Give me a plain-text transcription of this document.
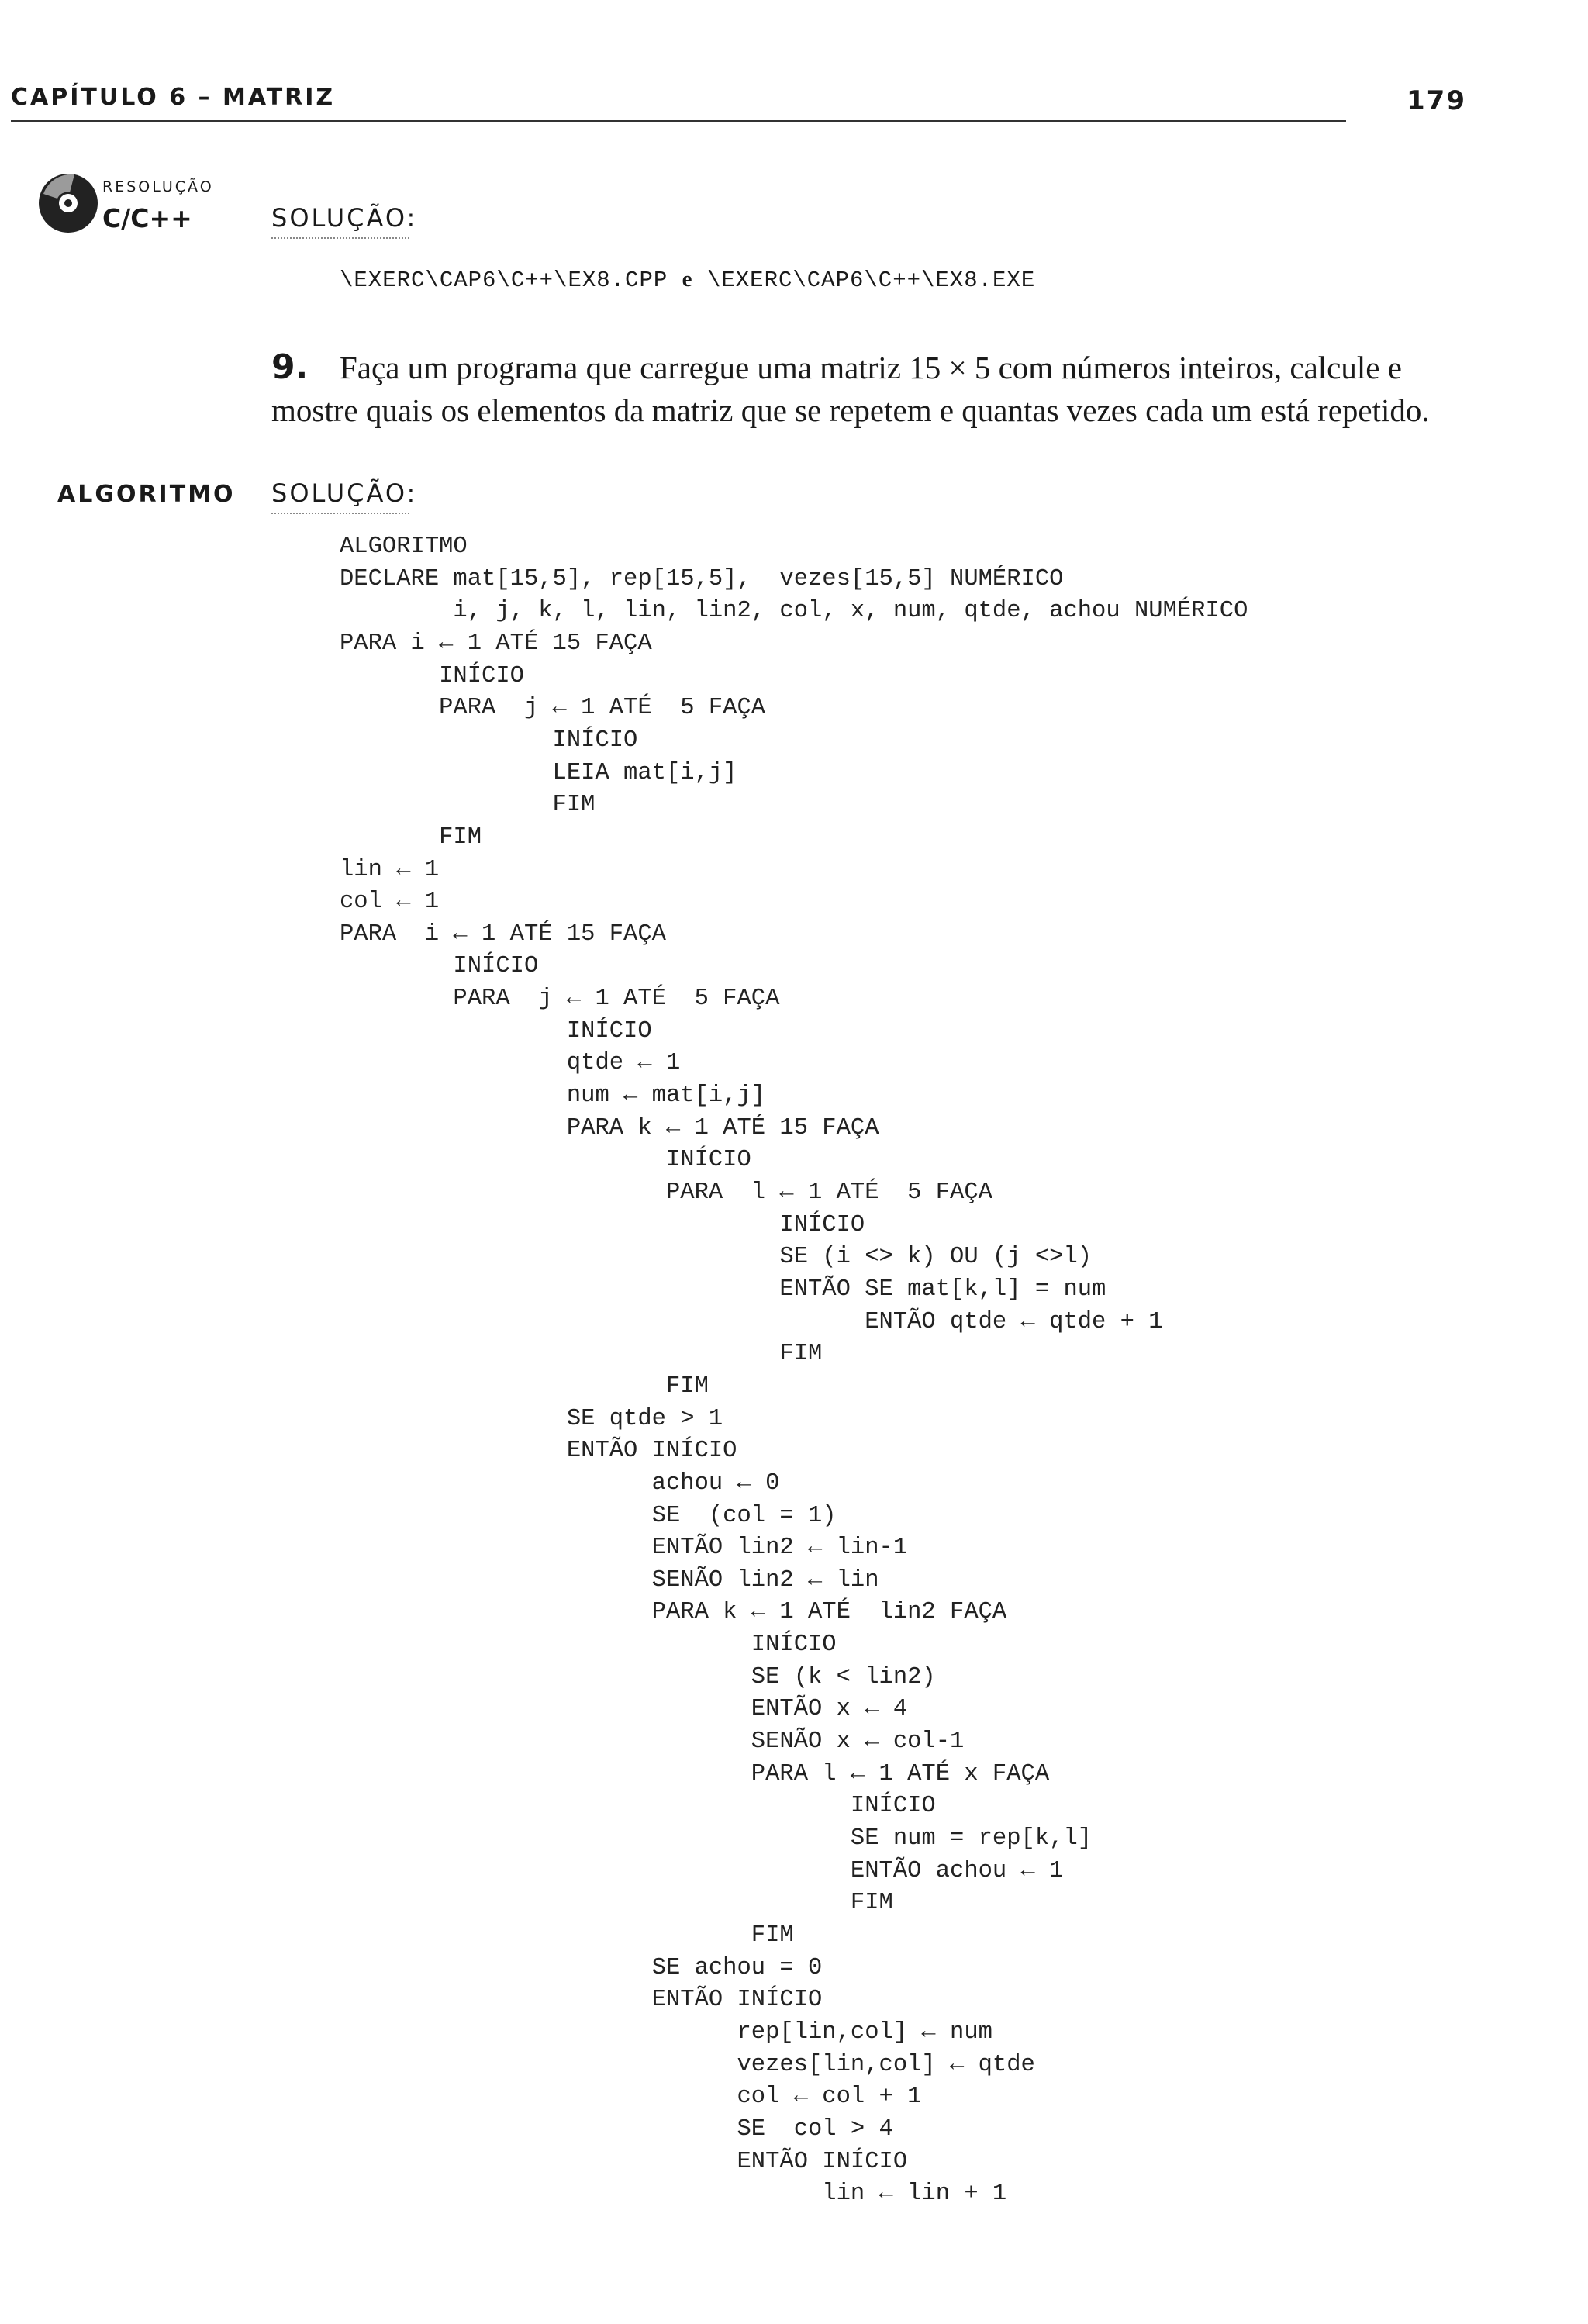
CAPÍTULO 6 – MATRIZ	179
RESOLUÇÃO
C/C++	SOLUÇÃO:
\EXERC\CAP6\C++\EX8.CPP e \EXERC\CAP6\C++\EX8.EXE
9. Faça um programa que carregue uma matriz 15 × 5 com números inteiros, calcule e
mostre quais os elementos da matriz que se repetem e quantas vezes cada um está repetido.
ALGORITMO SOLUÇÃO:
ALGORITMO
DECLARE mat[15,5], rep[15,5],  vezes[15,5] NUMÉRICO
i, j, k, l, lin, lin2, col, x, num, qtde, achou NUMÉRICO
PARA i ← 1 ATÉ 15 FAÇA
INÍCIO
PARA  j ← 1 ATÉ  5 FAÇA
INÍCIO
LEIA mat[i,j]
FIM
FIM
lin ← 1
col ← 1
PARA  i ← 1 ATÉ 15 FAÇA
INÍCIO
PARA  j ← 1 ATÉ  5 FAÇA
INÍCIO
qtde ← 1
num ← mat[i,j]
PARA k ← 1 ATÉ 15 FAÇA
INÍCIO
PARA  l ← 1 ATÉ  5 FAÇA
INÍCIO
SE (i <> k) OU (j <>l)
ENTÃO SE mat[k,l] = num
ENTÃO qtde ← qtde + 1
FIM
FIM
SE qtde > 1
ENTÃO INÍCIO
achou ← 0
SE  (col = 1)
ENTÃO lin2 ← lin-1
SENÃO lin2 ← lin
PARA k ← 1 ATÉ  lin2 FAÇA
INÍCIO
SE (k < lin2)
ENTÃO x ← 4
SENÃO x ← col-1
PARA l ← 1 ATÉ x FAÇA
INÍCIO
SE num = rep[k,l]
ENTÃO achou ← 1
FIM
FIM
SE achou = 0
ENTÃO INÍCIO
rep[lin,col] ← num
vezes[lin,col] ← qtde
col ← col + 1
SE  col > 4
ENTÃO INÍCIO
lin ← lin + 1
